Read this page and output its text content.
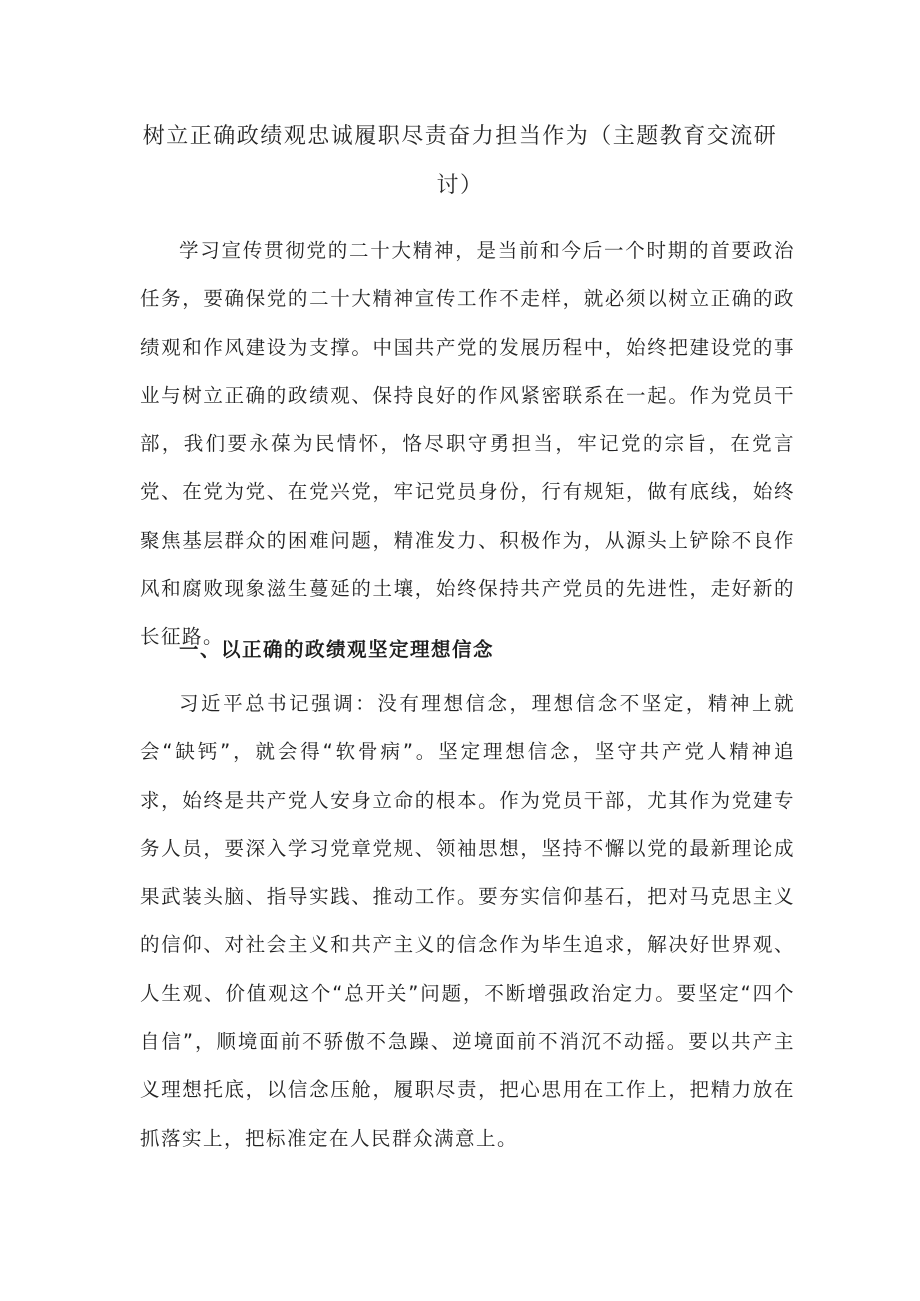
树立正确政绩观忠诚履职尽责奋力担当作为（主题教育交流研讨）

学习宣传贯彻党的二十大精神，是当前和今后一个时期的首要政治任务，要确保党的二十大精神宣传工作不走样，就必须以树立正确的政绩观和作风建设为支撑。中国共产党的发展历程中，始终把建设党的事业与树立正确的政绩观、保持良好的作风紧密联系在一起。作为党员干部，我们要永葆为民情怀，恪尽职守勇担当，牢记党的宗旨，在党言党、在党为党、在党兴党，牢记党员身份，行有规矩，做有底线，始终聚焦基层群众的困难问题，精准发力、积极作为，从源头上铲除不良作风和腐败现象滋生蔓延的土壤，始终保持共产党员的先进性，走好新的长征路。

一、以正确的政绩观坚定理想信念

习近平总书记强调：没有理想信念，理想信念不坚定，精神上就会“缺钙”，就会得“软骨病”。坚定理想信念，坚守共产党人精神追求，始终是共产党人安身立命的根本。作为党员干部，尤其作为党建专务人员，要深入学习党章党规、领袖思想，坚持不懈以党的最新理论成果武装头脑、指导实践、推动工作。要夯实信仰基石，把对马克思主义的信仰、对社会主义和共产主义的信念作为毕生追求，解决好世界观、人生观、价值观这个“总开关”问题，不断增强政治定力。要坚定“四个自信”，顺境面前不骄傲不急躁、逆境面前不消沉不动摇。要以共产主义理想托底，以信念压舱，履职尽责，把心思用在工作上，把精力放在抓落实上，把标准定在人民群众满意上。
